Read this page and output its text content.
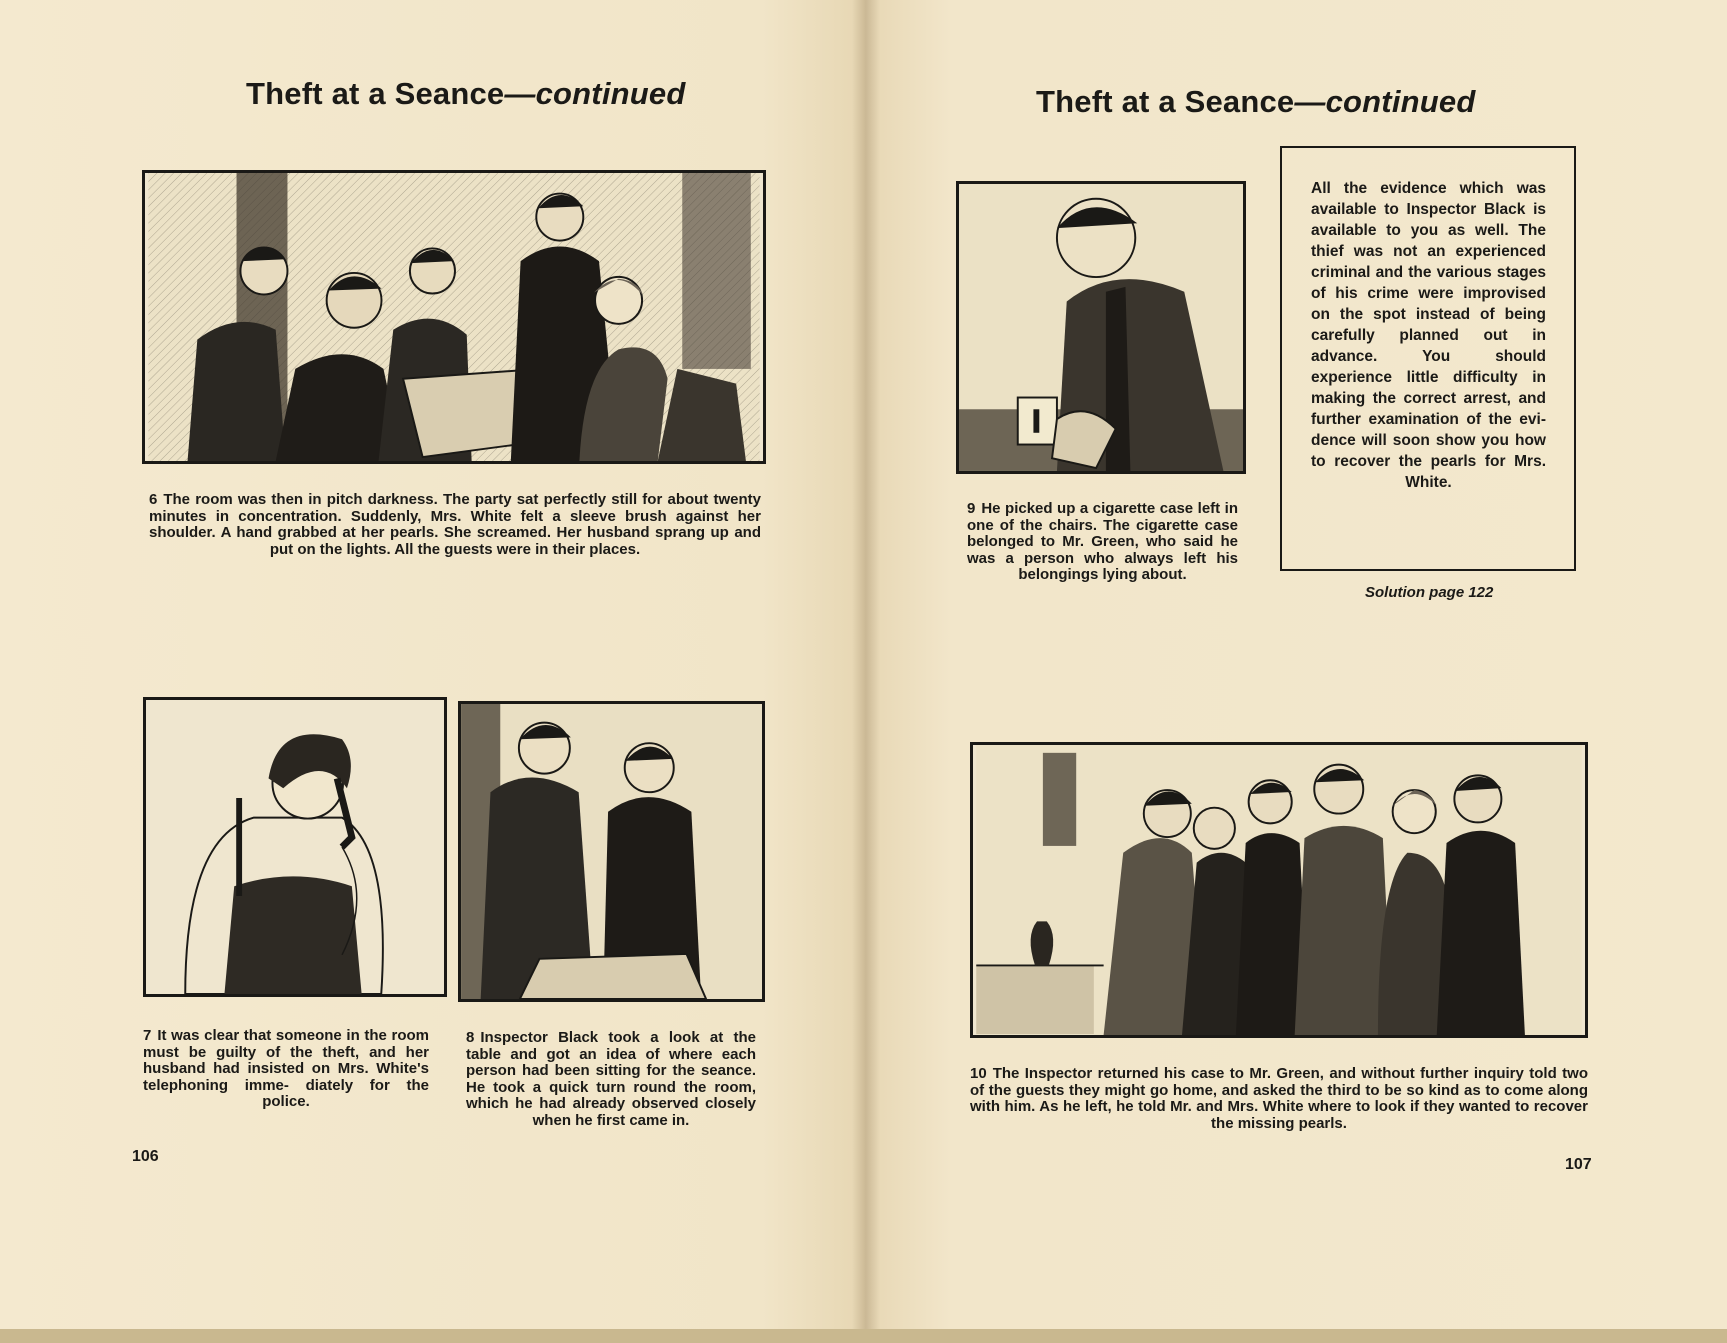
Theft at a Seance—continued
6 The room was then in pitch darkness. The party sat perfectly still for about twenty minutes in concentration. Suddenly, Mrs. White felt a sleeve brush against her shoulder. A hand grabbed at her pearls. She screamed. Her husband sprang up and put on the lights. All the guests were in their places.
7 It was clear that someone in the room must be guilty of the theft, and her husband had insisted on Mrs. White's telephoning imme- diately for the police.
8 Inspector Black took a look at the table and got an idea of where each person had been sitting for the seance. He took a quick turn round the room, which he had already observed closely when he first came in.
106
Theft at a Seance—continued
9 He picked up a cigarette case left in one of the chairs. The cigarette case belonged to Mr. Green, who said he was a person who always left his belongings lying about.

All the evidence which was available to Inspector Black is available to you as well. The thief was not an experienced criminal and the various stages of his crime were improvised on the spot instead of being carefully planned out in advance. You should experience little difficulty in making the correct arrest, and further examination of the evi- dence will soon show you how to recover the pearls for Mrs. White.

Solution page 122
10 The Inspector returned his case to Mr. Green, and without further inquiry told two of the guests they might go home, and asked the third to be so kind as to come along with him. As he left, he told Mr. and Mrs. White where to look if they wanted to recover the missing pearls.
107
